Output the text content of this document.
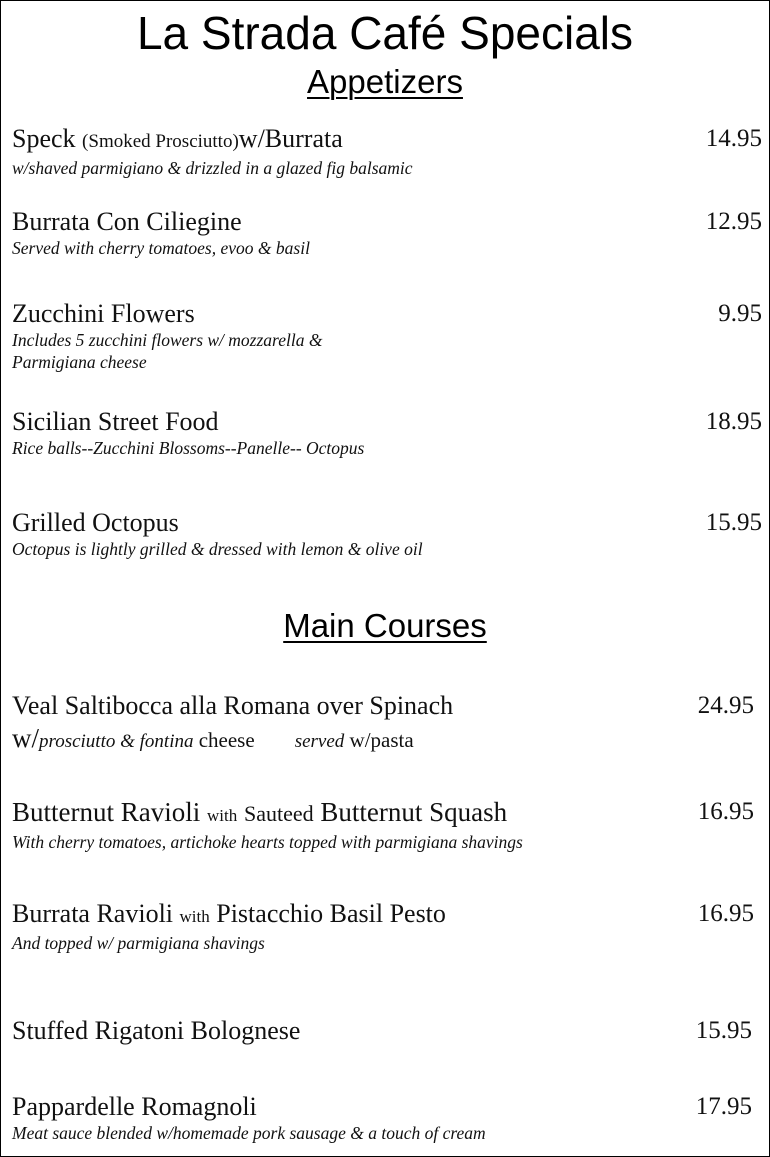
La Strada Café Specials
Appetizers
Speck (Smoked Prosciutto)w/Burrata	14.95
w/shaved parmigiano & drizzled in a glazed fig balsamic
Burrata Con Ciliegine	12.95
Served with cherry tomatoes, evoo & basil
Zucchini Flowers	9.95
Includes 5 zucchini flowers w/ mozzarella &
Parmigiana cheese
Sicilian Street Food	18.95
Rice balls--Zucchini Blossoms--Panelle-- Octopus
Grilled Octopus	15.95
Octopus is lightly grilled & dressed with lemon & olive oil
Main Courses
Veal Saltibocca alla Romana over Spinach	24.95
w/prosciutto & fontina cheese served w/pasta
Butternut Ravioli with Sauteed Butternut Squash	16.95
With cherry tomatoes, artichoke hearts topped with parmigiana shavings
Burrata Ravioli with Pistacchio Basil Pesto	16.95
And topped w/ parmigiana shavings
Stuffed Rigatoni Bolognese	15.95
Pappardelle Romagnoli	17.95
Meat sauce blended w/homemade pork sausage & a touch of cream
